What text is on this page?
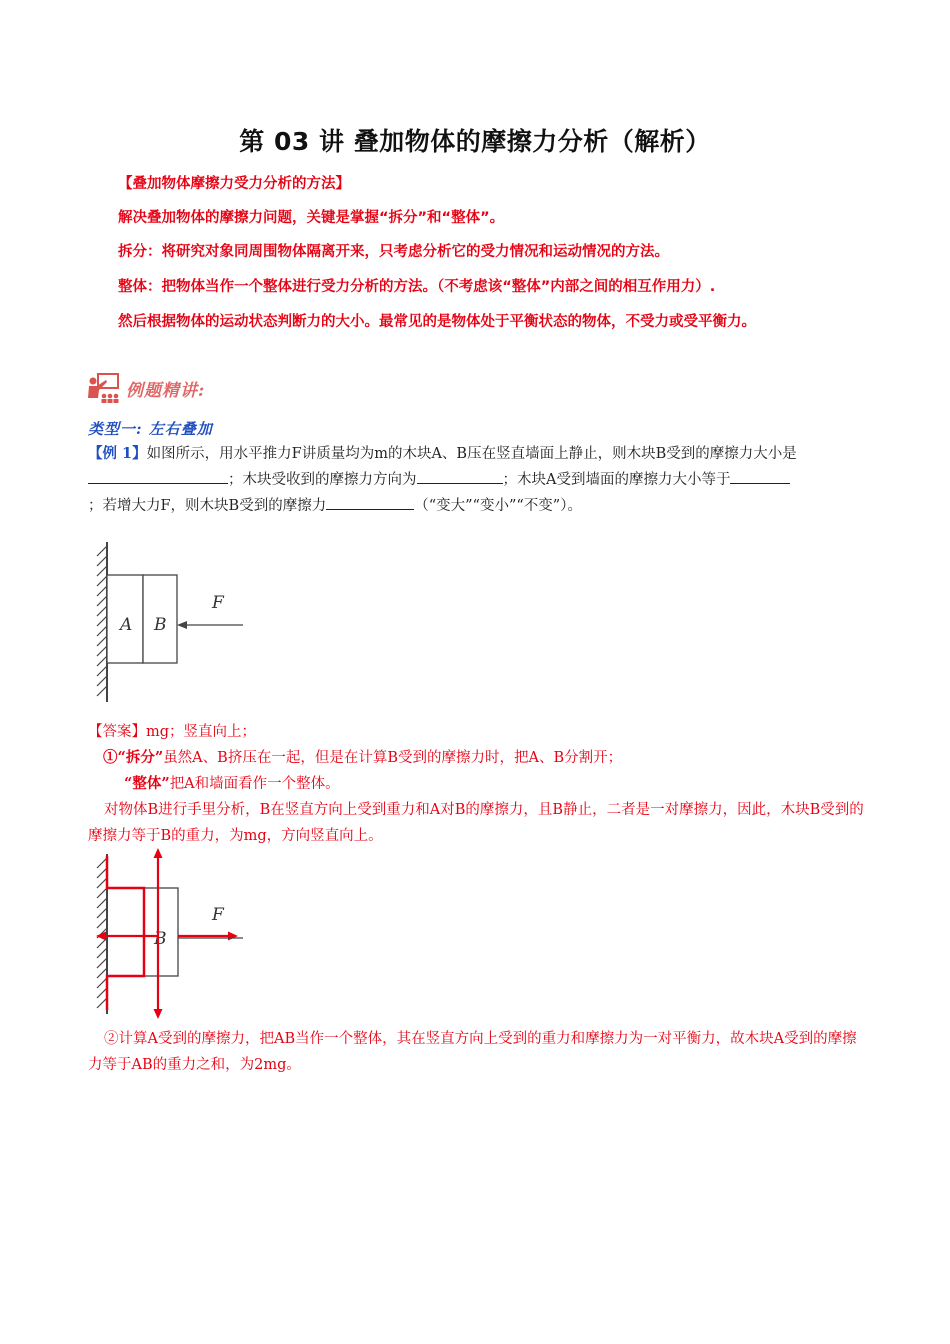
第 03 讲 叠加物体的摩擦力分析（解析）
【叠加物体摩擦力受力分析的方法】
解决叠加物体的摩擦力问题，关键是掌握“拆分”和“整体”。
拆分：将研究对象同周围物体隔离开来，只考虑分析它的受力情况和运动情况的方法。
整体：把物体当作一个整体进行受力分析的方法。（不考虑该“整体”内部之间的相互作用力）.
然后根据物体的运动状态判断力的大小。最常见的是物体处于平衡状态的物体，不受力或受平衡力。
例题精讲:
类型一: 左右叠加
【例 1】如图所示，用水平推力F讲质量均为m的木块A、B压在竖直墙面上静止，则木块B受到的摩擦力大小是；木块受收到的摩擦力方向为	；木块A受到墙面的摩擦力大小等于
；若增大力F，则木块B受到的摩擦力	（“变大”“变小”“不变”）。
A B
F
【答案】mg；竖直向上；
①“拆分”虽然A、B挤压在一起，但是在计算B受到的摩擦力时，把A、B分割开；
“整体”把A和墙面看作一个整体。
对物体B进行手里分析，B在竖直方向上受到重力和A对B的摩擦力，且B静止，二者是一对摩擦力，因此，木块B受到的摩擦力等于B的重力，为mg，方向竖直向上。
B
F
②计算A受到的摩擦力，把AB当作一个整体，其在竖直方向上受到的重力和摩擦力为一对平衡力，故木块A受到的摩擦力等于AB的重力之和，为2mg。
